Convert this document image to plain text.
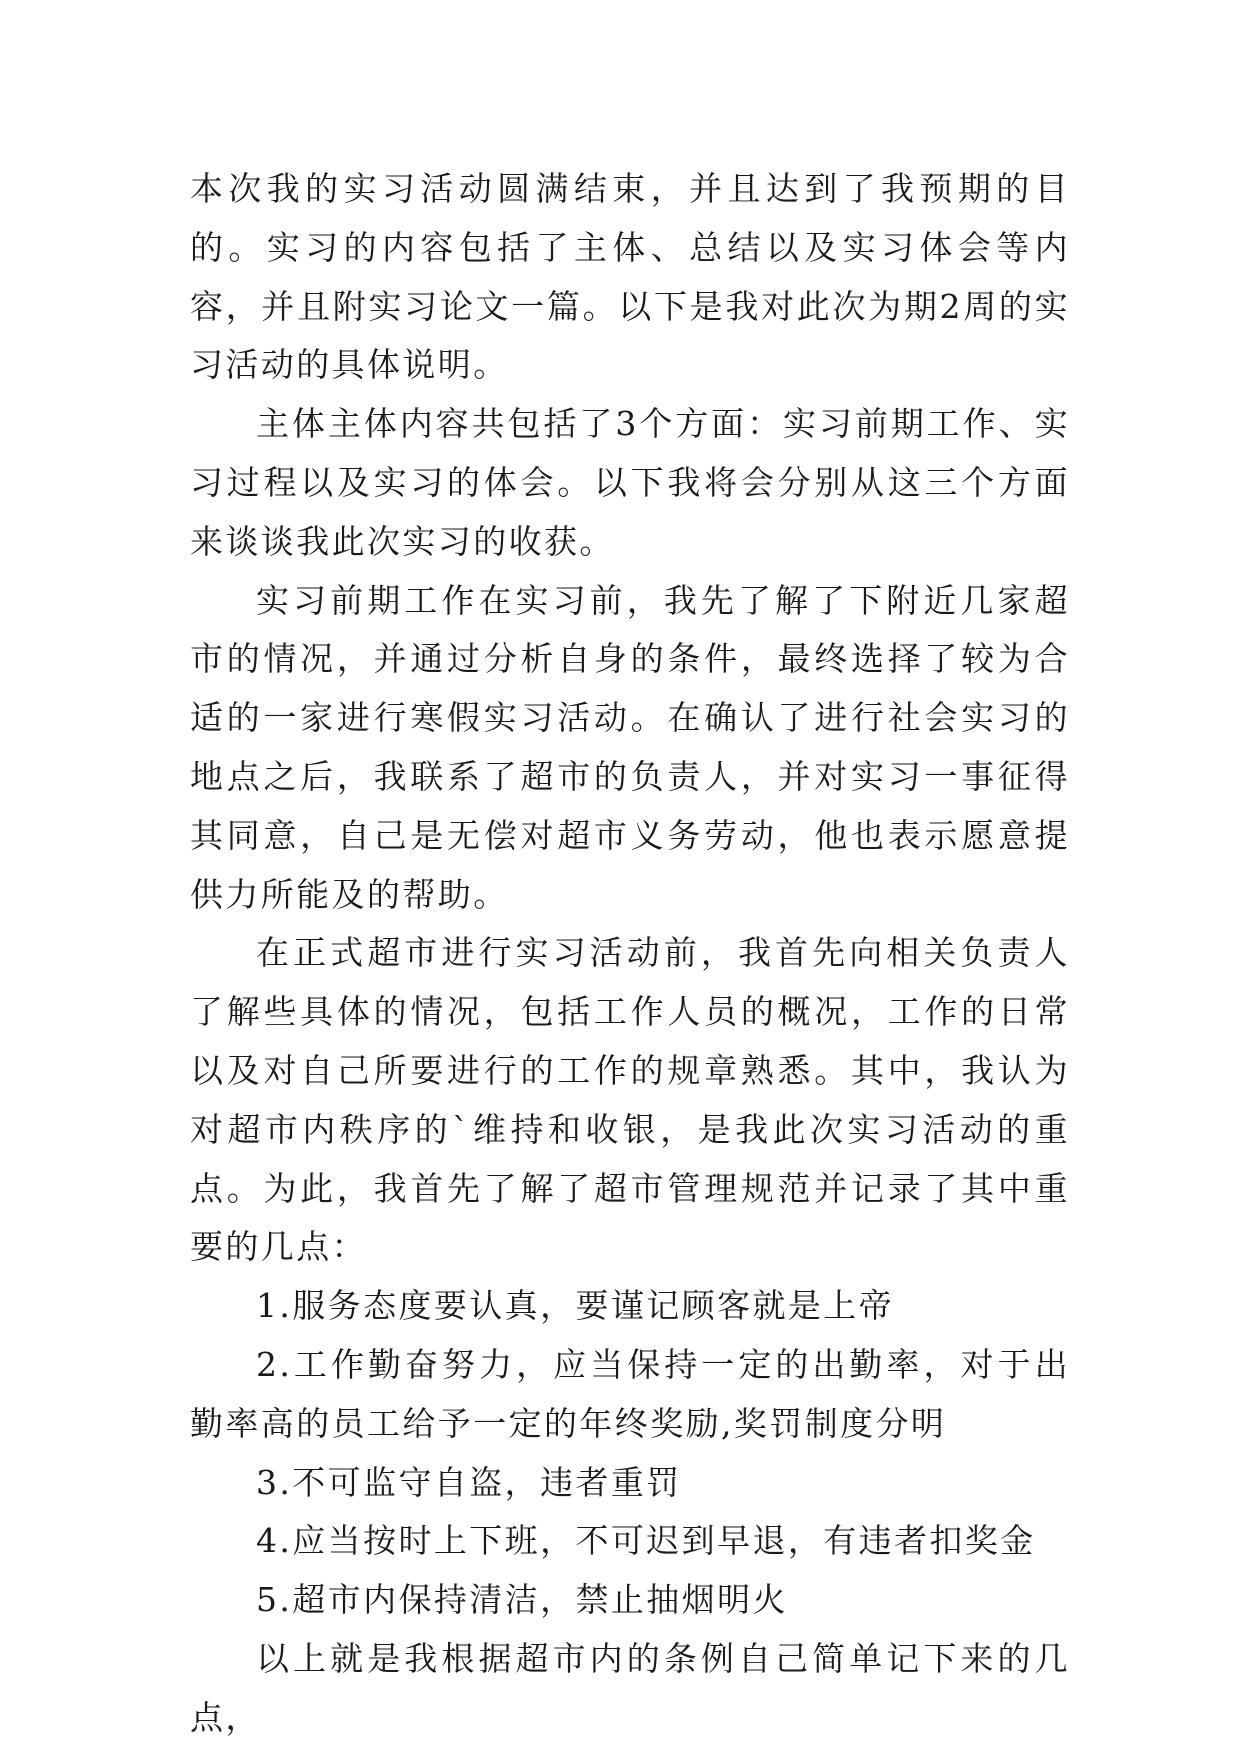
本次我的实习活动圆满结束，并且达到了我预期的目的。实习的内容包括了主体、总结以及实习体会等内容，并且附实习论文一篇。以下是我对此次为期2周的实习活动的具体说明。

主体主体内容共包括了3个方面：实习前期工作、实习过程以及实习的体会。以下我将会分别从这三个方面来谈谈我此次实习的收获。

实习前期工作在实习前，我先了解了下附近几家超市的情况，并通过分析自身的条件，最终选择了较为合适的一家进行寒假实习活动。在确认了进行社会实习的地点之后，我联系了超市的负责人，并对实习一事征得其同意，自己是无偿对超市义务劳动，他也表示愿意提供力所能及的帮助。

在正式超市进行实习活动前，我首先向相关负责人了解些具体的情况，包括工作人员的概况，工作的日常以及对自己所要进行的工作的规章熟悉。其中，我认为对超市内秩序的`维持和收银，是我此次实习活动的重点。为此，我首先了解了超市管理规范并记录了其中重要的几点：

1.服务态度要认真，要谨记顾客就是上帝

2.工作勤奋努力，应当保持一定的出勤率，对于出勤率高的员工给予一定的年终奖励,奖罚制度分明

3.不可监守自盗，违者重罚

4.应当按时上下班，不可迟到早退，有违者扣奖金

5.超市内保持清洁，禁止抽烟明火

以上就是我根据超市内的条例自己简单记下来的几点，
